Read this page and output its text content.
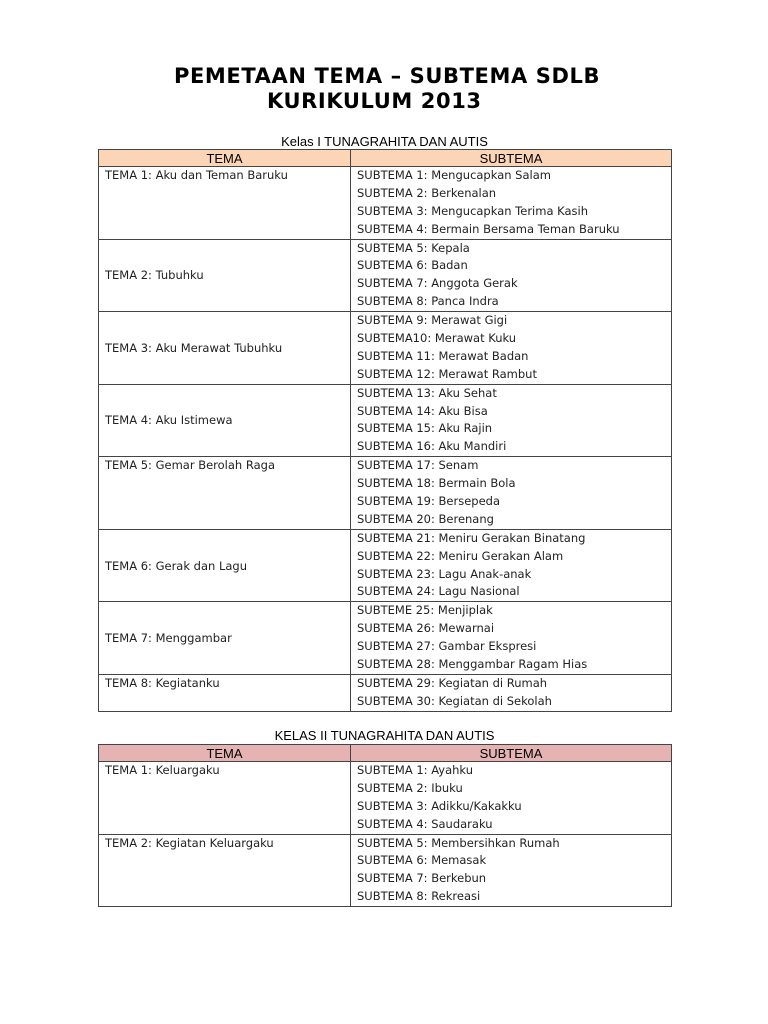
PEMETAAN TEMA – SUBTEMA SDLB
KURIKULUM 2013
Kelas I TUNAGRAHITA DAN AUTIS
TEMA	SUBTEMA
TEMA 1: Aku dan Teman Baruku	SUBTEMA 1: Mengucapkan Salam
SUBTEMA 2: Berkenalan
SUBTEMA 3: Mengucapkan Terima Kasih
SUBTEMA 4: Bermain Bersama Teman Baruku

TEMA 2: Tubuhku	SUBTEMA 5: Kepala
SUBTEMA 6: Badan
SUBTEMA 7: Anggota Gerak
SUBTEMA 8: Panca Indra

TEMA 3: Aku Merawat Tubuhku	SUBTEMA 9: Merawat Gigi
SUBTEMA10: Merawat Kuku
SUBTEMA 11: Merawat Badan
SUBTEMA 12: Merawat Rambut

TEMA 4: Aku Istimewa	SUBTEMA 13: Aku Sehat
SUBTEMA 14: Aku Bisa
SUBTEMA 15: Aku Rajin
SUBTEMA 16: Aku Mandiri

TEMA 5: Gemar Berolah Raga	SUBTEMA 17: Senam
SUBTEMA 18: Bermain Bola
SUBTEMA 19: Bersepeda
SUBTEMA 20: Berenang

TEMA 6: Gerak dan Lagu	SUBTEMA 21: Meniru Gerakan Binatang
SUBTEMA 22: Meniru Gerakan Alam
SUBTEMA 23: Lagu Anak-anak
SUBTEMA 24: Lagu Nasional

TEMA 7: Menggambar	SUBTEME 25: Menjiplak
SUBTEMA 26: Mewarnai
SUBTEMA 27: Gambar Ekspresi
SUBTEMA 28: Menggambar Ragam Hias

TEMA 8: Kegiatanku	SUBTEMA 29: Kegiatan di Rumah
SUBTEMA 30: Kegiatan di Sekolah
KELAS II TUNAGRAHITA DAN AUTIS
TEMA	SUBTEMA
TEMA 1: Keluargaku	SUBTEMA 1: Ayahku
SUBTEMA 2: Ibuku
SUBTEMA 3: Adikku/Kakakku
SUBTEMA 4: Saudaraku

TEMA 2: Kegiatan Keluargaku	SUBTEMA 5: Membersihkan Rumah
SUBTEMA 6: Memasak
SUBTEMA 7: Berkebun
SUBTEMA 8: Rekreasi
